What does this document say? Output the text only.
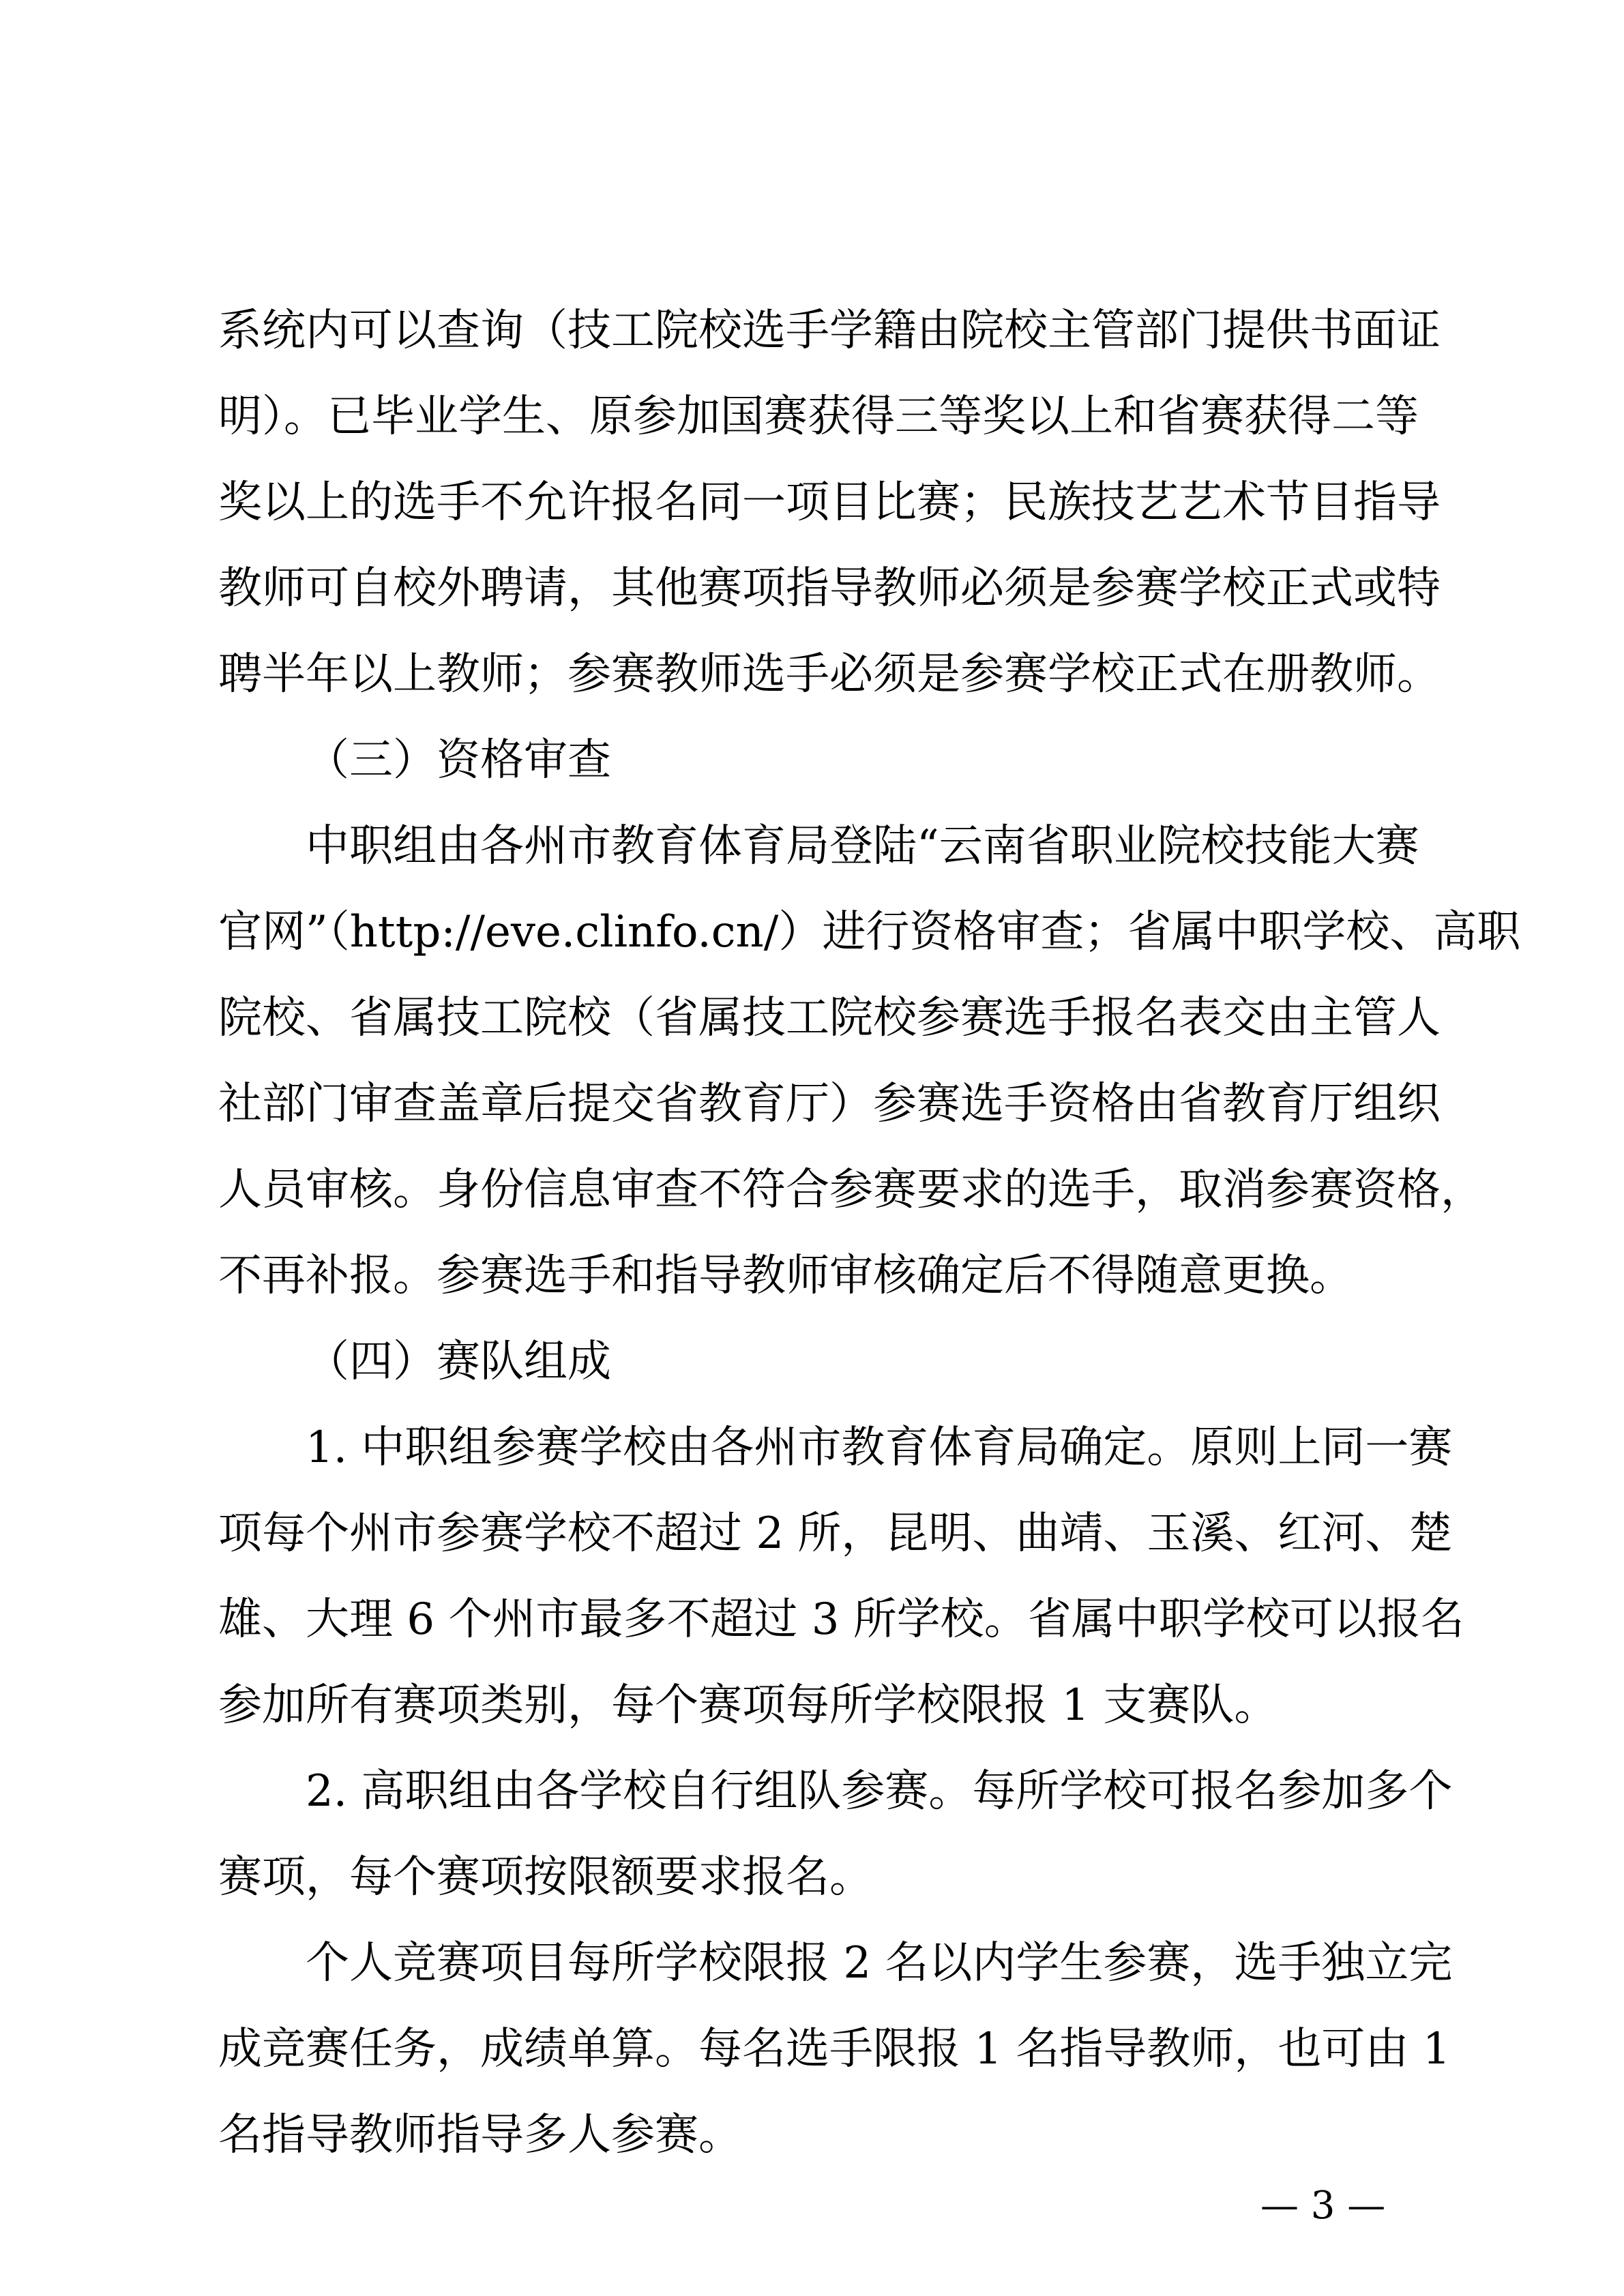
系统内可以查询（技工院校选手学籍由院校主管部门提供书面证
明）。已毕业学生、原参加国赛获得三等奖以上和省赛获得二等
奖以上的选手不允许报名同一项目比赛；民族技艺艺术节目指导
教师可自校外聘请，其他赛项指导教师必须是参赛学校正式或特
聘半年以上教师；参赛教师选手必须是参赛学校正式在册教师。
（三）资格审查
中职组由各州市教育体育局登陆“云南省职业院校技能大赛
官网”（http://eve.clinfo.cn/）进行资格审查；省属中职学校、高职
院校、省属技工院校（省属技工院校参赛选手报名表交由主管人
社部门审查盖章后提交省教育厅）参赛选手资格由省教育厅组织
人员审核。身份信息审查不符合参赛要求的选手，取消参赛资格，
不再补报。参赛选手和指导教师审核确定后不得随意更换。
（四）赛队组成
1. 中职组参赛学校由各州市教育体育局确定。原则上同一赛
项每个州市参赛学校不超过 2 所，昆明、曲靖、玉溪、红河、楚
雄、大理 6 个州市最多不超过 3 所学校。省属中职学校可以报名
参加所有赛项类别，每个赛项每所学校限报 1 支赛队。
2. 高职组由各学校自行组队参赛。每所学校可报名参加多个
赛项，每个赛项按限额要求报名。
个人竞赛项目每所学校限报 2 名以内学生参赛，选手独立完
成竞赛任务，成绩单算。每名选手限报 1 名指导教师，也可由 1
名指导教师指导多人参赛。
— 3 —
